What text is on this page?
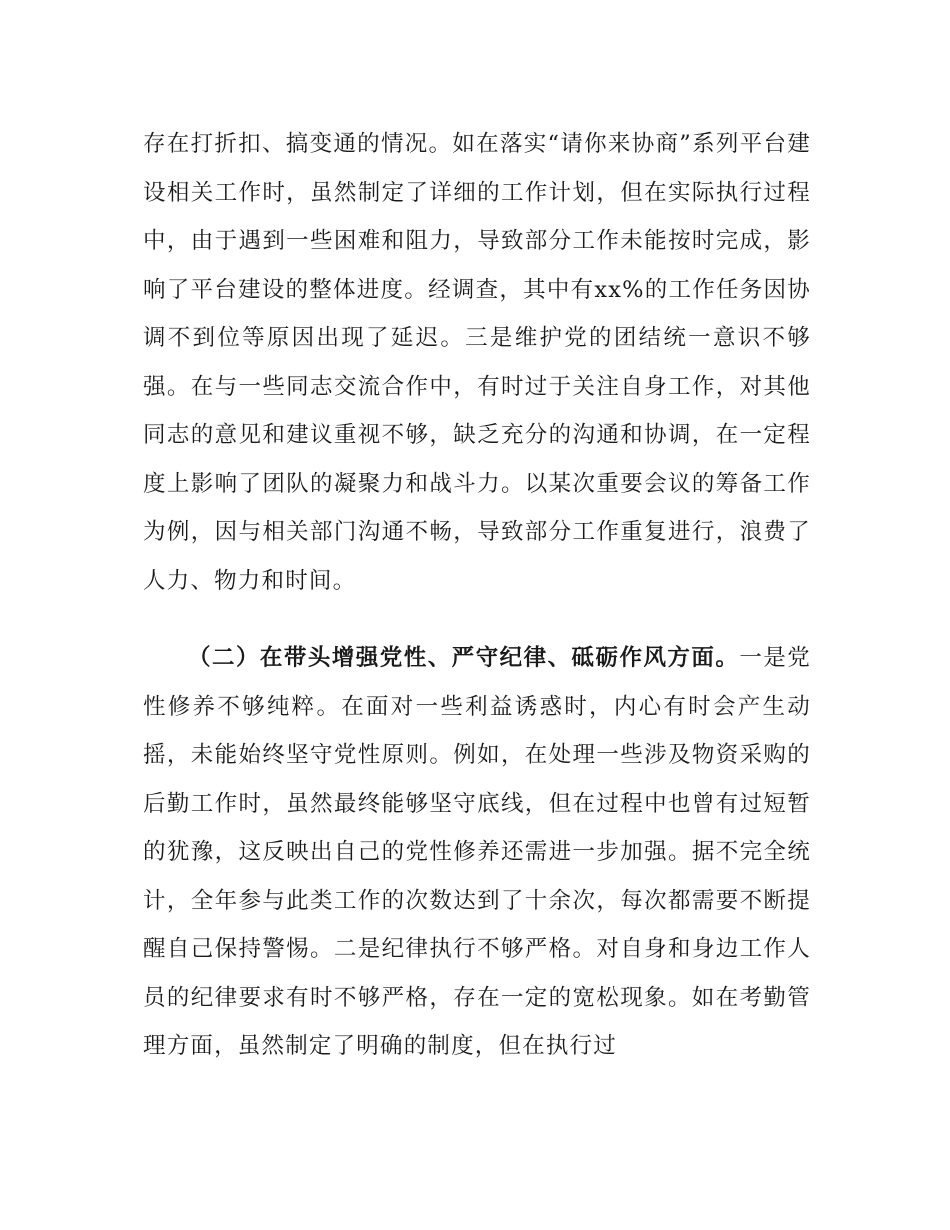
存在打折扣、搞变通的情况。如在落实“请你来协商”系列平台建设相关工作时，虽然制定了详细的工作计划，但在实际执行过程中，由于遇到一些困难和阻力，导致部分工作未能按时完成，影响了平台建设的整体进度。经调查，其中有xx%的工作任务因协调不到位等原因出现了延迟。三是维护党的团结统一意识不够强。在与一些同志交流合作中，有时过于关注自身工作，对其他同志的意见和建议重视不够，缺乏充分的沟通和协调，在一定程度上影响了团队的凝聚力和战斗力。以某次重要会议的筹备工作为例，因与相关部门沟通不畅，导致部分工作重复进行，浪费了人力、物力和时间。

（二）在带头增强党性、严守纪律、砥砺作风方面。一是党性修养不够纯粹。在面对一些利益诱惑时，内心有时会产生动摇，未能始终坚守党性原则。例如，在处理一些涉及物资采购的后勤工作时，虽然最终能够坚守底线，但在过程中也曾有过短暂的犹豫，这反映出自己的党性修养还需进一步加强。据不完全统计，全年参与此类工作的次数达到了十余次，每次都需要不断提醒自己保持警惕。二是纪律执行不够严格。对自身和身边工作人员的纪律要求有时不够严格，存在一定的宽松现象。如在考勤管理方面，虽然制定了明确的制度，但在执行过
